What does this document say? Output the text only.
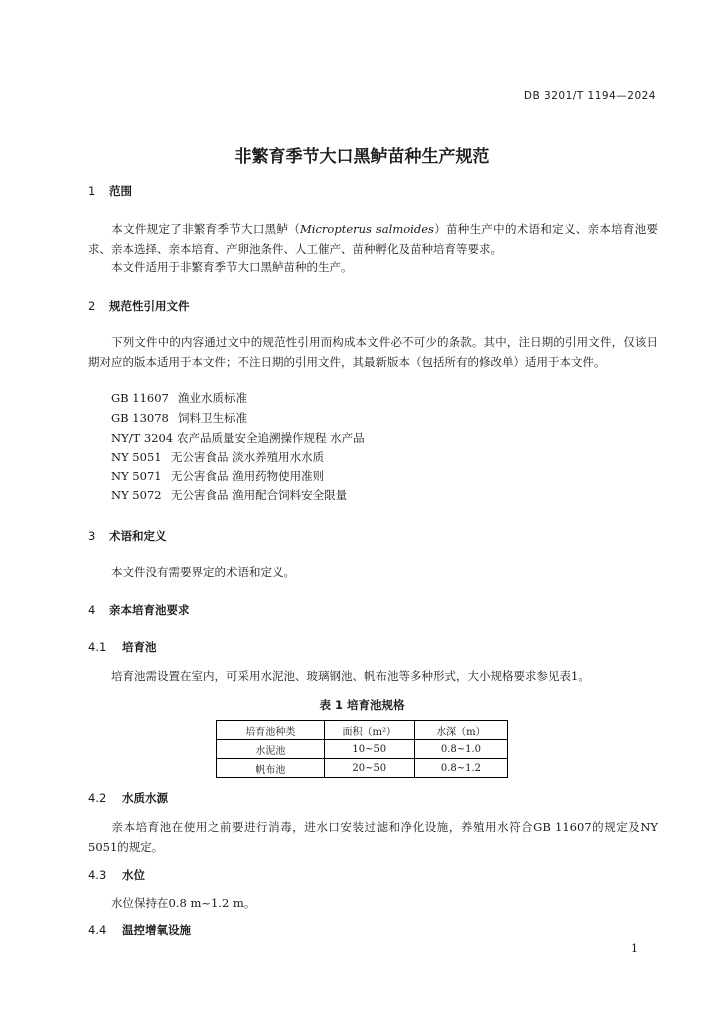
DB 3201/T 1194—2024
非繁育季节大口黑鲈苗种生产规范
1 范围
本文件规定了非繁育季节大口黑鲈（Micropterus salmoides）苗种生产中的术语和定义、亲本培育池要求、亲本选择、亲本培育、产卵池条件、人工催产、苗种孵化及苗种培育等要求。
本文件适用于非繁育季节大口黑鲈苗种的生产。
2 规范性引用文件
下列文件中的内容通过文中的规范性引用而构成本文件必不可少的条款。其中，注日期的引用文件，仅该日期对应的版本适用于本文件；不注日期的引用文件，其最新版本（包括所有的修改单）适用于本文件。
GB 11607 渔业水质标准
GB 13078 饲料卫生标准
NY/T 3204 农产品质量安全追溯操作规程 水产品
NY 5051 无公害食品 淡水养殖用水水质
NY 5071 无公害食品 渔用药物使用准则
NY 5072 无公害食品 渔用配合饲料安全限量
3 术语和定义
本文件没有需要界定的术语和定义。
4 亲本培育池要求
4.1 培育池
培育池需设置在室内，可采用水泥池、玻璃钢池、帆布池等多种形式，大小规格要求参见表1。
表 1 培育池规格
培育池种类	面积（m²）	水深（m）
水泥池	10~50	0.8~1.0
帆布池	20~50	0.8~1.2
4.2 水质水源
亲本培育池在使用之前要进行消毒，进水口安装过滤和净化设施，养殖用水符合GB 11607的规定及NY 5051的规定。
4.3 水位
水位保持在0.8 m~1.2 m。
4.4 温控增氧设施
1
